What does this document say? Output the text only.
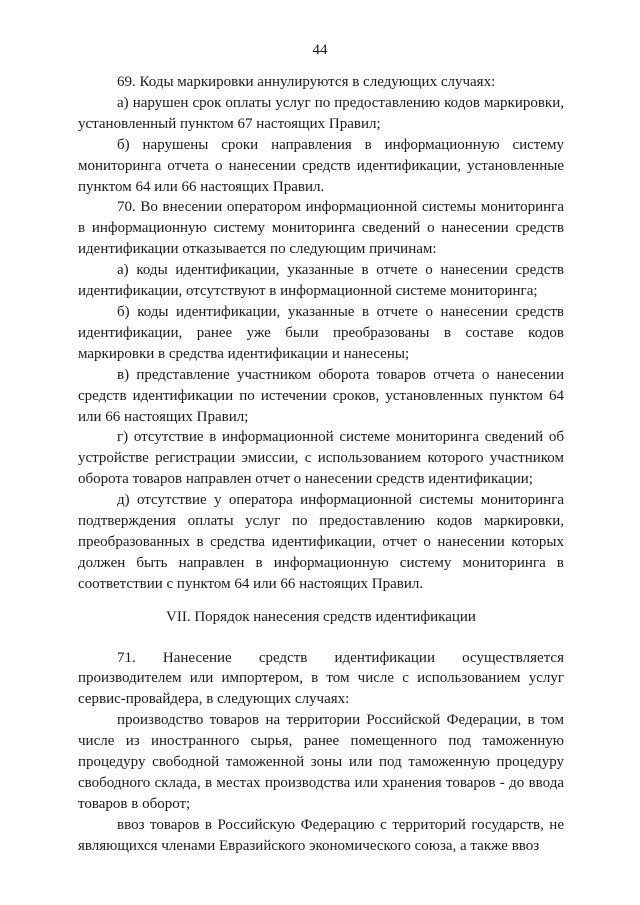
44

69. Коды маркировки аннулируются в следующих случаях:

а) нарушен срок оплаты услуг по предоставлению кодов маркировки, установленный пунктом 67 настоящих Правил;

б) нарушены сроки направления в информационную систему мониторинга отчета о нанесении средств идентификации, установленные пунктом 64 или 66 настоящих Правил.

70. Во внесении оператором информационной системы мониторинга в информационную систему мониторинга сведений о нанесении средств идентификации отказывается по следующим причинам:

а) коды идентификации, указанные в отчете о нанесении средств идентификации, отсутствуют в информационной системе мониторинга;

б) коды идентификации, указанные в отчете о нанесении средств идентификации, ранее уже были преобразованы в составе кодов маркировки в средства идентификации и нанесены;

в) представление участником оборота товаров отчета о нанесении средств идентификации по истечении сроков, установленных пунктом 64 или 66 настоящих Правил;

г) отсутствие в информационной системе мониторинга сведений об устройстве регистрации эмиссии, с использованием которого участником оборота товаров направлен отчет о нанесении средств идентификации;

д) отсутствие у оператора информационной системы мониторинга подтверждения оплаты услуг по предоставлению кодов маркировки, преобразованных в средства идентификации, отчет о нанесении которых должен быть направлен в информационную систему мониторинга в соответствии с пунктом 64 или 66 настоящих Правил.

VII. Порядок нанесения средств идентификации

71. Нанесение средств идентификации осуществляется производителем или импортером, в том числе с использованием услуг сервис-провайдера, в следующих случаях:

производство товаров на территории Российской Федерации, в том числе из иностранного сырья, ранее помещенного под таможенную процедуру свободной таможенной зоны или под таможенную процедуру свободного склада, в местах производства или хранения товаров - до ввода товаров в оборот;

ввоз товаров в Российскую Федерацию с территорий государств, не являющихся членами Евразийского экономического союза, а также ввоз
